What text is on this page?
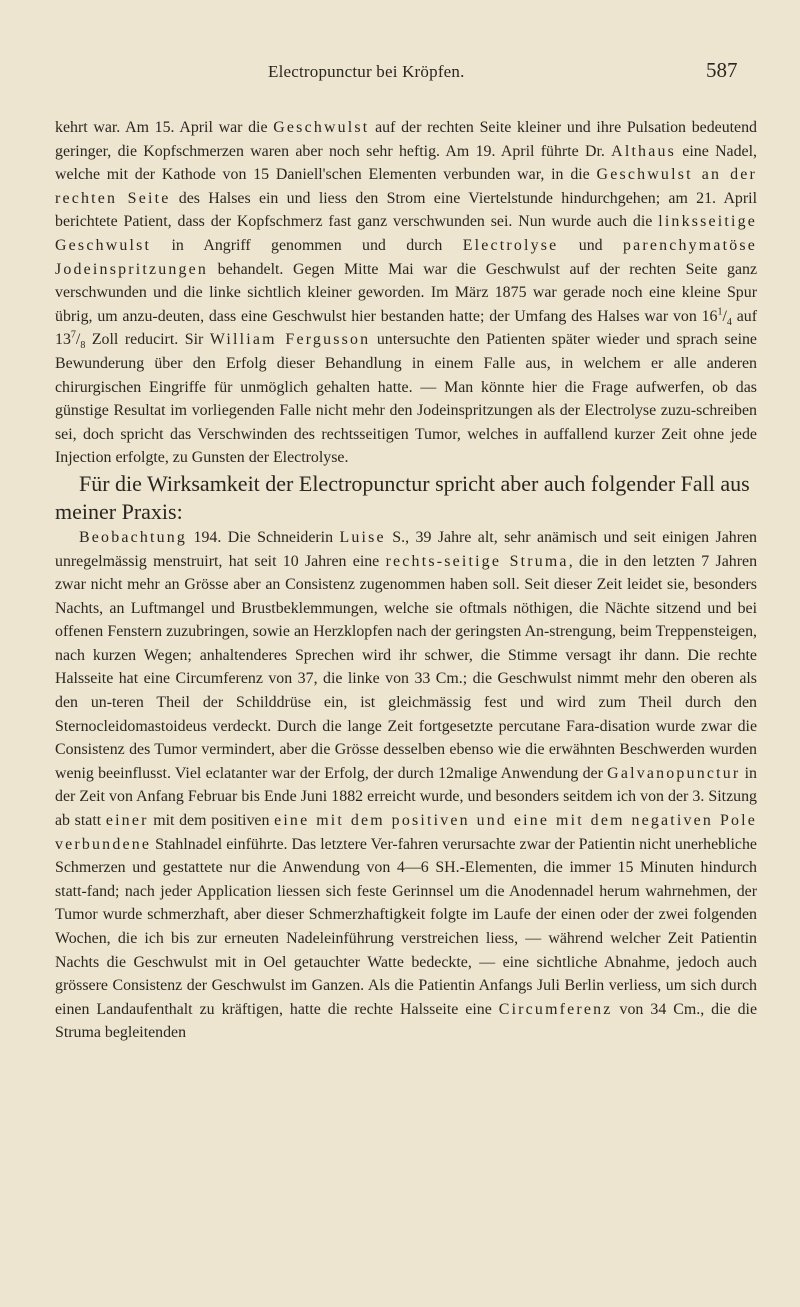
Electropunctur bei Kröpfen.	587

kehrt war. Am 15. April war die Geschwulst auf der rechten Seite kleiner und ihre Pulsation bedeutend geringer, die Kopfschmerzen waren aber noch sehr heftig. Am 19. April führte Dr. Althaus eine Nadel, welche mit der Kathode von 15 Daniell'schen Elementen verbunden war, in die Geschwulst an der rechten Seite des Halses ein und liess den Strom eine Viertelstunde hindurchgehen; am 21. April berichtete Patient, dass der Kopfschmerz fast ganz verschwunden sei. Nun wurde auch die linksseitige Geschwulst in Angriff genommen und durch Electrolyse und parenchymatöse Jodeinspritzungen behandelt. Gegen Mitte Mai war die Geschwulst auf der rechten Seite ganz verschwunden und die linke sichtlich kleiner geworden. Im März 1875 war gerade noch eine kleine Spur übrig, um anzu-deuten, dass eine Geschwulst hier bestanden hatte; der Umfang des Halses war von $16^1/_4$ auf $13^7/_8$ Zoll reducirt. Sir William Fergusson untersuchte den Patienten später wieder und sprach seine Bewunderung über den Erfolg dieser Behandlung in einem Falle aus, in welchem er alle anderen chirurgischen Eingriffe für unmöglich gehalten hatte. — Man könnte hier die Frage aufwerfen, ob das günstige Resultat im vorliegenden Falle nicht mehr den Jodeinspritzungen als der Electrolyse zuzu-schreiben sei, doch spricht das Verschwinden des rechtsseitigen Tumor, welches in auffallend kurzer Zeit ohne jede Injection erfolgte, zu Gunsten der Electrolyse.

Für die Wirksamkeit der Electropunctur spricht aber auch folgender Fall aus meiner Praxis:

Beobachtung 194. Die Schneiderin Luise S., 39 Jahre alt, sehr anämisch und seit einigen Jahren unregelmässig menstruirt, hat seit 10 Jahren eine rechts-seitige Struma, die in den letzten 7 Jahren zwar nicht mehr an Grösse aber an Consistenz zugenommen haben soll. Seit dieser Zeit leidet sie, besonders Nachts, an Luftmangel und Brustbeklemmungen, welche sie oftmals nöthigen, die Nächte sitzend und bei offenen Fenstern zuzubringen, sowie an Herzklopfen nach der geringsten An-strengung, beim Treppensteigen, nach kurzen Wegen; anhaltenderes Sprechen wird ihr schwer, die Stimme versagt ihr dann. Die rechte Halsseite hat eine Circumferenz von 37, die linke von 33 Cm.; die Geschwulst nimmt mehr den oberen als den un-teren Theil der Schilddrüse ein, ist gleichmässig fest und wird zum Theil durch den Sternocleidomastoideus verdeckt. Durch die lange Zeit fortgesetzte percutane Fara-disation wurde zwar die Consistenz des Tumor vermindert, aber die Grösse desselben ebenso wie die erwähnten Beschwerden wurden wenig beeinflusst. Viel eclatanter war der Erfolg, der durch 12malige Anwendung der Galvanopunctur in der Zeit von Anfang Februar bis Ende Juni 1882 erreicht wurde, und besonders seitdem ich von der 3. Sitzung ab statt einer mit dem positiven eine mit dem positiven und eine mit dem negativen Pole verbundene Stahlnadel einführte. Das letztere Ver-fahren verursachte zwar der Patientin nicht unerhebliche Schmerzen und gestattete nur die Anwendung von 4—6 SH.-Elementen, die immer 15 Minuten hindurch statt-fand; nach jeder Application liessen sich feste Gerinnsel um die Anodennadel herum wahrnehmen, der Tumor wurde schmerzhaft, aber dieser Schmerzhaftigkeit folgte im Laufe der einen oder der zwei folgenden Wochen, die ich bis zur erneuten Nadeleinführung verstreichen liess, — während welcher Zeit Patientin Nachts die Geschwulst mit in Oel getauchter Watte bedeckte, — eine sichtliche Abnahme, jedoch auch grössere Consistenz der Geschwulst im Ganzen. Als die Patientin Anfangs Juli Berlin verliess, um sich durch einen Landaufenthalt zu kräftigen, hatte die rechte Halsseite eine Circumferenz von 34 Cm., die die Struma begleitenden
